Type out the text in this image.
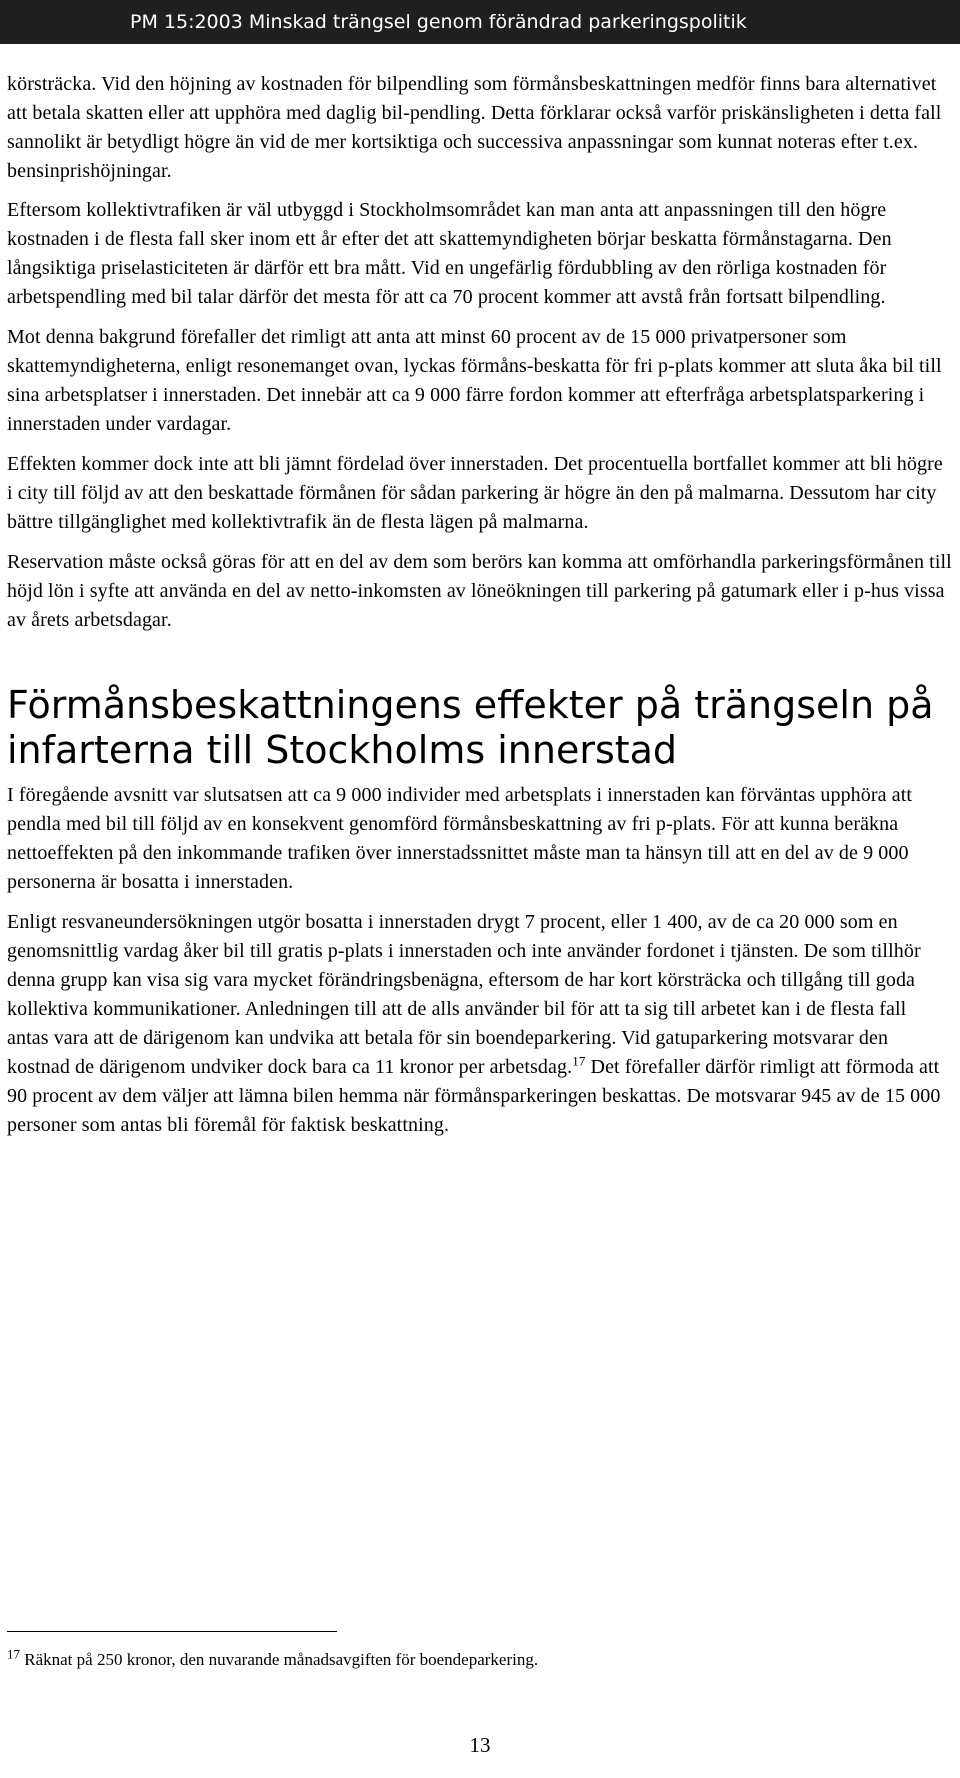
PM 15:2003 Minskad trängsel genom förändrad parkeringspolitik

körsträcka. Vid den höjning av kostnaden för bilpendling som förmånsbeskattningen medför finns bara alternativet att betala skatten eller att upphöra med daglig bil-pendling. Detta förklarar också varför priskänsligheten i detta fall sannolikt är betydligt högre än vid de mer kortsiktiga och successiva anpassningar som kunnat noteras efter t.ex. bensinprishöjningar.

Eftersom kollektivtrafiken är väl utbyggd i Stockholmsområdet kan man anta att anpassningen till den högre kostnaden i de flesta fall sker inom ett år efter det att skattemyndigheten börjar beskatta förmånstagarna. Den långsiktiga priselasticiteten är därför ett bra mått. Vid en ungefärlig fördubbling av den rörliga kostnaden för arbetspendling med bil talar därför det mesta för att ca 70 procent kommer att avstå från fortsatt bilpendling.

Mot denna bakgrund förefaller det rimligt att anta att minst 60 procent av de 15 000 privatpersoner som skattemyndigheterna, enligt resonemanget ovan, lyckas förmåns-beskatta för fri p-plats kommer att sluta åka bil till sina arbetsplatser i innerstaden. Det innebär att ca 9 000 färre fordon kommer att efterfråga arbetsplatsparkering i innerstaden under vardagar.

Effekten kommer dock inte att bli jämnt fördelad över innerstaden. Det procentuella bortfallet kommer att bli högre i city till följd av att den beskattade förmånen för sådan parkering är högre än den på malmarna. Dessutom har city bättre tillgänglighet med kollektivtrafik än de flesta lägen på malmarna.

Reservation måste också göras för att en del av dem som berörs kan komma att omförhandla parkeringsförmånen till höjd lön i syfte att använda en del av netto-inkomsten av löneökningen till parkering på gatumark eller i p-hus vissa av årets arbetsdagar.

Förmånsbeskattningens effekter på trängseln på infarterna till Stockholms innerstad

I föregående avsnitt var slutsatsen att ca 9 000 individer med arbetsplats i innerstaden kan förväntas upphöra att pendla med bil till följd av en konsekvent genomförd förmånsbeskattning av fri p-plats. För att kunna beräkna nettoeffekten på den inkommande trafiken över innerstadssnittet måste man ta hänsyn till att en del av de 9 000 personerna är bosatta i innerstaden.

Enligt resvaneundersökningen utgör bosatta i innerstaden drygt 7 procent, eller 1 400, av de ca 20 000 som en genomsnittlig vardag åker bil till gratis p-plats i innerstaden och inte använder fordonet i tjänsten. De som tillhör denna grupp kan visa sig vara mycket förändringsbenägna, eftersom de har kort körsträcka och tillgång till goda kollektiva kommunikationer. Anledningen till att de alls använder bil för att ta sig till arbetet kan i de flesta fall antas vara att de därigenom kan undvika att betala för sin boendeparkering. Vid gatuparkering motsvarar den kostnad de därigenom undviker dock bara ca 11 kronor per arbetsdag.$^{17}$ Det förefaller därför rimligt att förmoda att 90 procent av dem väljer att lämna bilen hemma när förmånsparkeringen beskattas. De motsvarar 945 av de 15 000 personer som antas bli föremål för faktisk beskattning.

$^{17}$ Räknat på 250 kronor, den nuvarande månadsavgiften för boendeparkering.
13
